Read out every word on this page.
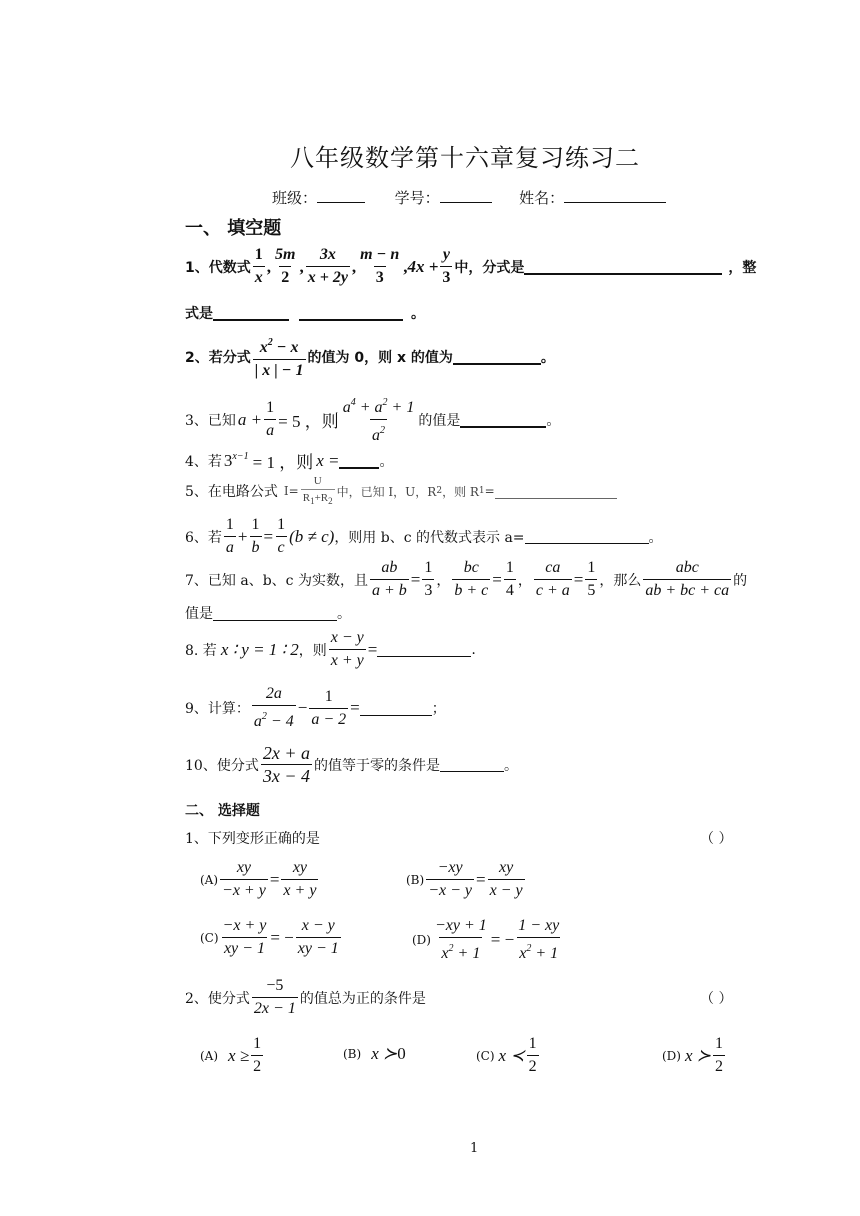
八年级数学第十六章复习练习二
班级：	学号：	姓名：
一、 填空题
1、代数式 $\frac{1}{x}$ , $\frac{5m}{2}$ , $\frac{3x}{x + 2y}$ , $\frac{m - n}{3}$ , $4x + \frac{y}{3}$ 中，分式是	，整
式是	。
2、若分式 $\frac{x^2 - x}{| x | - 1}$ 的值为 0，则 x 的值为	。
3、已知 $a + \frac{1}{a} = 5$ ，则 $\frac{a^4 + a^2 + 1}{a^2}$ 的值是	。
4、若 $3^{x-1} = 1$ ，则 x =	。
5、在电路公式 $I= \frac{U}{R_1+R_2}$ 中，已知 I，U，R 2 ，则 R 1 =
6、若 $\frac{1}{a} + \frac{1}{b} = \frac{1}{c} (b \ne c)$ ，则用 b、c 的代数式表示 a=	。
7、已知 a、b、c 为实数，且 $\frac{ab}{a + b} = \frac{1}{3}$ ， $\frac{bc}{b + c} = \frac{1}{4}$ ， $\frac{ca}{c + a} = \frac{1}{5}$ ，那么 $\frac{\text{abc}}{ab + bc + ca}$ 的
值是	。
8. 若 x ∶ y = 1 ∶ 2 ，则 $\frac{x - y}{x + y}$ =	.
9、计算： $\frac{2a}{a^2 - 4} - \frac{1}{a - 2}$ =	；
10、使分式 $\frac{2x + a}{3x - 4}$ 的值等于零的条件是	。
二、 选择题
1、下列变形正确的是	（ ）
$(A) \frac{xy}{-x + y} = \frac{xy}{x + y}$	$(B) \frac{-xy}{-x - y} = \frac{xy}{x - y}$
$(C) \frac{-x + y}{xy - 1}$ = − $\frac{x - y}{xy - 1}$	$(D) \frac{-xy + 1}{x^2 + 1}$ = − $\frac{1 - xy}{x^2 + 1}$
2、使分式 $\frac{-5}{2x - 1}$ 的值总为正的条件是	（ ）
(A) $x \ge \frac{1}{2}$	(B) x ≻ 0	(C) x ≺ $\frac{1}{2}$	(D) x ≻ $\frac{1}{2}$
1
